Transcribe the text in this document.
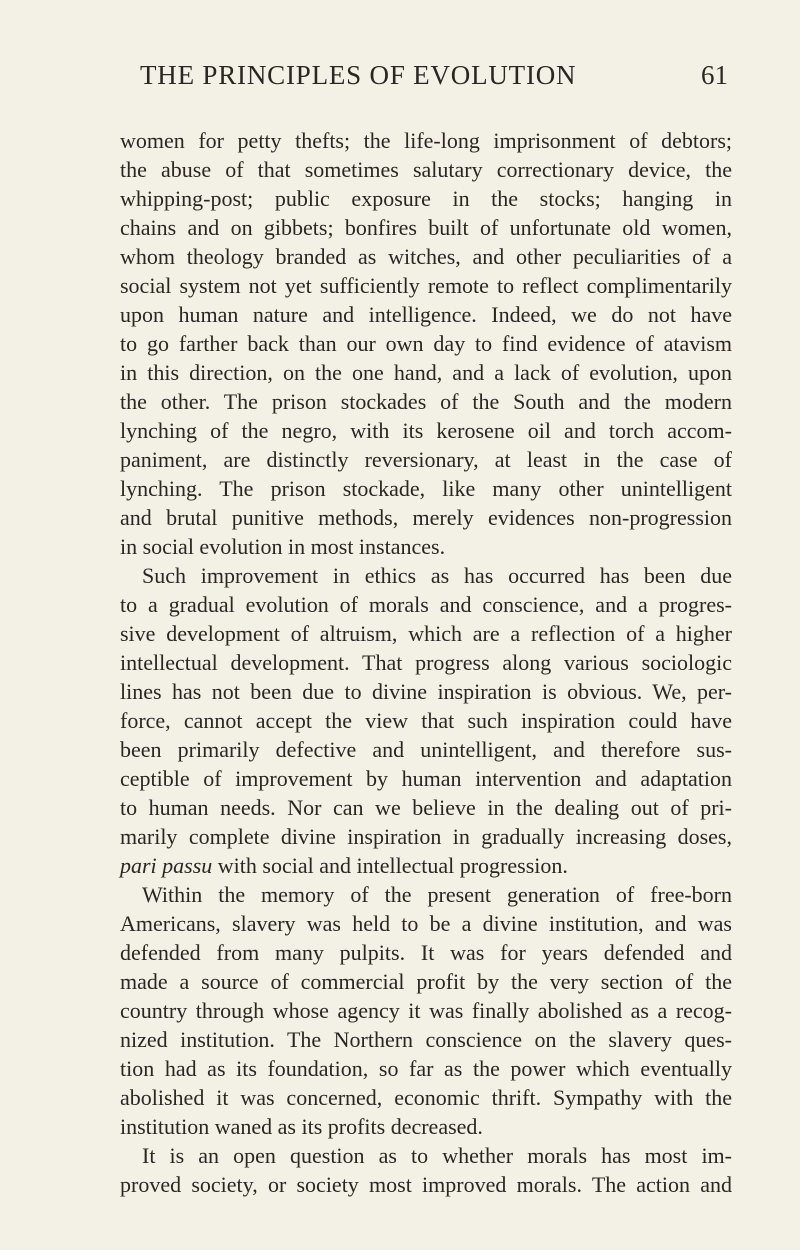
THE PRINCIPLES OF EVOLUTION	61
women for petty thefts; the life-long imprisonment of debtors;
the abuse of that sometimes salutary correctionary device, the
whipping-post; public exposure in the stocks; hanging in
chains and on gibbets; bonfires built of unfortunate old women,
whom theology branded as witches, and other peculiarities of a
social system not yet sufficiently remote to reflect complimentarily
upon human nature and intelligence. Indeed, we do not have
to go farther back than our own day to find evidence of atavism
in this direction, on the one hand, and a lack of evolution, upon
the other. The prison stockades of the South and the modern
lynching of the negro, with its kerosene oil and torch accom-
paniment, are distinctly reversionary, at least in the case of
lynching. The prison stockade, like many other unintelligent
and brutal punitive methods, merely evidences non-progression
in social evolution in most instances.
Such improvement in ethics as has occurred has been due
to a gradual evolution of morals and conscience, and a progres-
sive development of altruism, which are a reflection of a higher
intellectual development. That progress along various sociologic
lines has not been due to divine inspiration is obvious. We, per-
force, cannot accept the view that such inspiration could have
been primarily defective and unintelligent, and therefore sus-
ceptible of improvement by human intervention and adaptation
to human needs. Nor can we believe in the dealing out of pri-
marily complete divine inspiration in gradually increasing doses,
pari passu with social and intellectual progression.
Within the memory of the present generation of free-born
Americans, slavery was held to be a divine institution, and was
defended from many pulpits. It was for years defended and
made a source of commercial profit by the very section of the
country through whose agency it was finally abolished as a recog-
nized institution. The Northern conscience on the slavery ques-
tion had as its foundation, so far as the power which eventually
abolished it was concerned, economic thrift. Sympathy with the
institution waned as its profits decreased.
It is an open question as to whether morals has most im-
proved society, or society most improved morals. The action and
